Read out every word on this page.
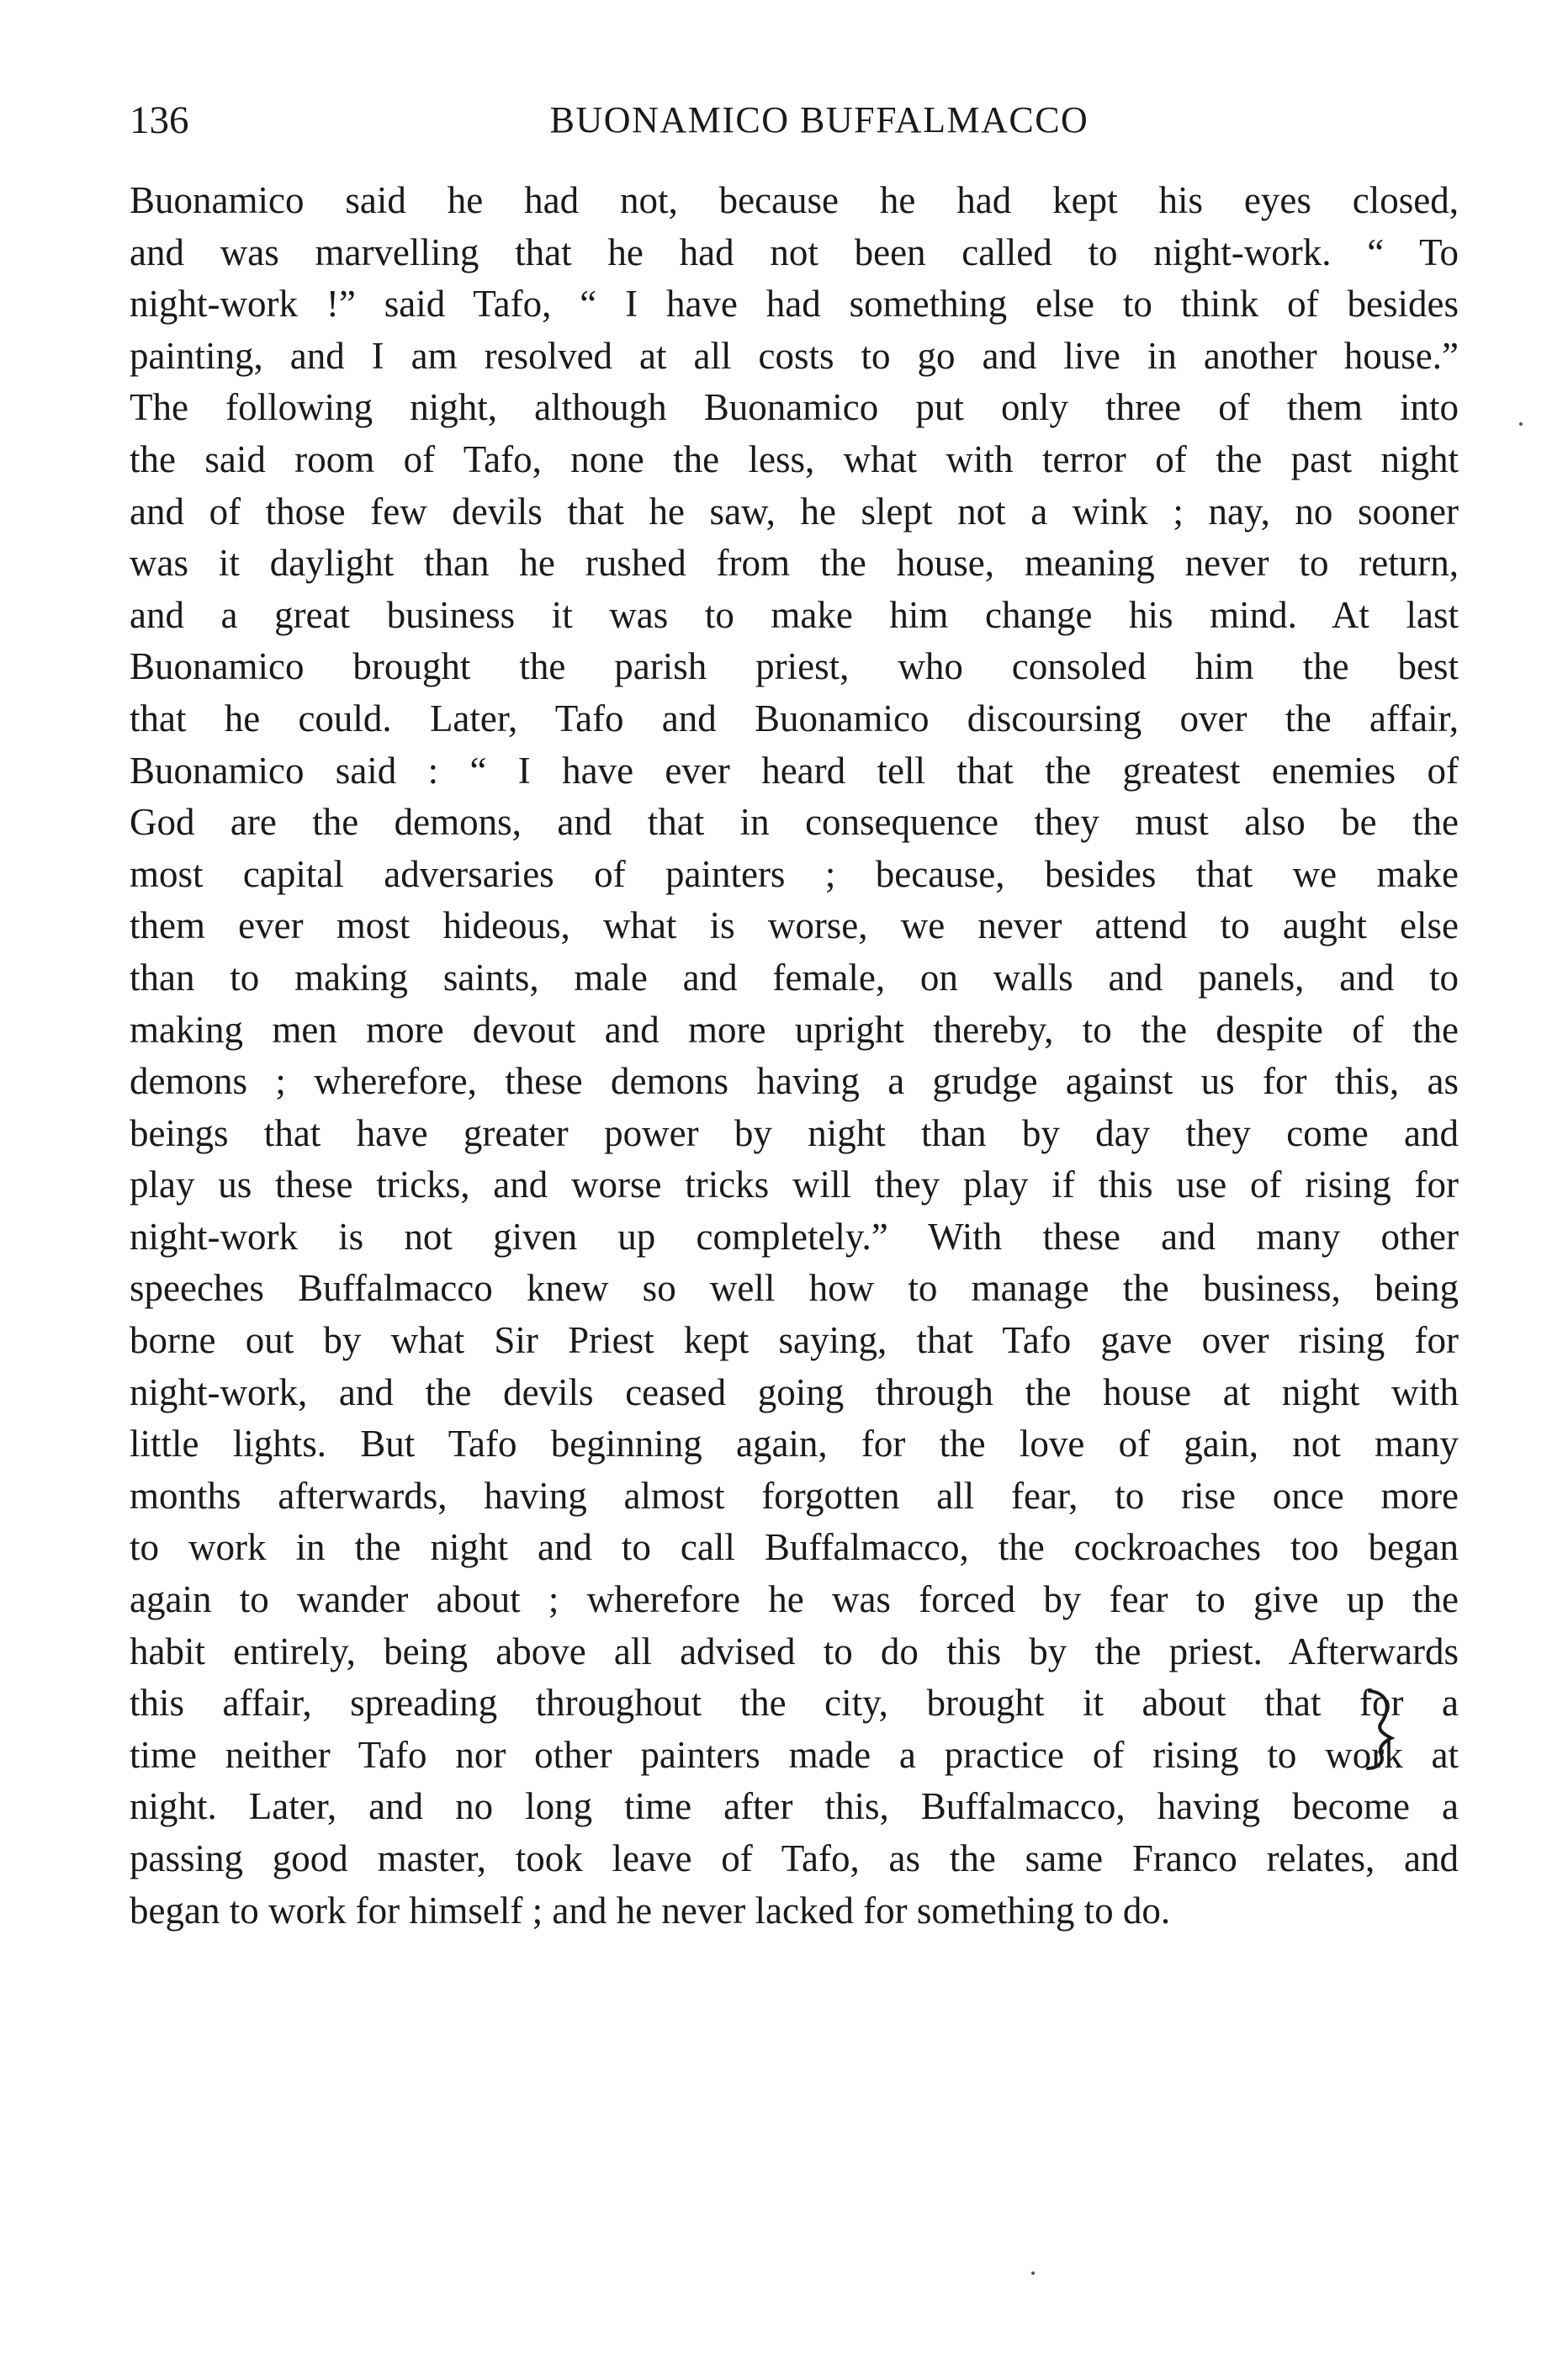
136	BUONAMICO BUFFALMACCO
Buonamico said he had not, because he had kept his eyes closed,
and was marvelling that he had not been called to night-work. “ To
night-work !” said Tafo, “ I have had something else to think of besides
painting, and I am resolved at all costs to go and live in another house.”
The following night, although Buonamico put only three of them into
the said room of Tafo, none the less, what with terror of the past night
and of those few devils that he saw, he slept not a wink ; nay, no sooner
was it daylight than he rushed from the house, meaning never to return,
and a great business it was to make him change his mind. At last
Buonamico brought the parish priest, who consoled him the best
that he could. Later, Tafo and Buonamico discoursing over the affair,
Buonamico said : “ I have ever heard tell that the greatest enemies of
God are the demons, and that in consequence they must also be the
most capital adversaries of painters ; because, besides that we make
them ever most hideous, what is worse, we never attend to aught else
than to making saints, male and female, on walls and panels, and to
making men more devout and more upright thereby, to the despite of the
demons ; wherefore, these demons having a grudge against us for this, as
beings that have greater power by night than by day they come and
play us these tricks, and worse tricks will they play if this use of rising for
night-work is not given up completely.” With these and many other
speeches Buffalmacco knew so well how to manage the business, being
borne out by what Sir Priest kept saying, that Tafo gave over rising for
night-work, and the devils ceased going through the house at night with
little lights. But Tafo beginning again, for the love of gain, not many
months afterwards, having almost forgotten all fear, to rise once more
to work in the night and to call Buffalmacco, the cockroaches too began
again to wander about ; wherefore he was forced by fear to give up the
habit entirely, being above all advised to do this by the priest. Afterwards
this affair, spreading throughout the city, brought it about that for a
time neither Tafo nor other painters made a practice of rising to work at
night. Later, and no long time after this, Buffalmacco, having become a
passing good master, took leave of Tafo, as the same Franco relates, and
began to work for himself ; and he never lacked for something to do.
